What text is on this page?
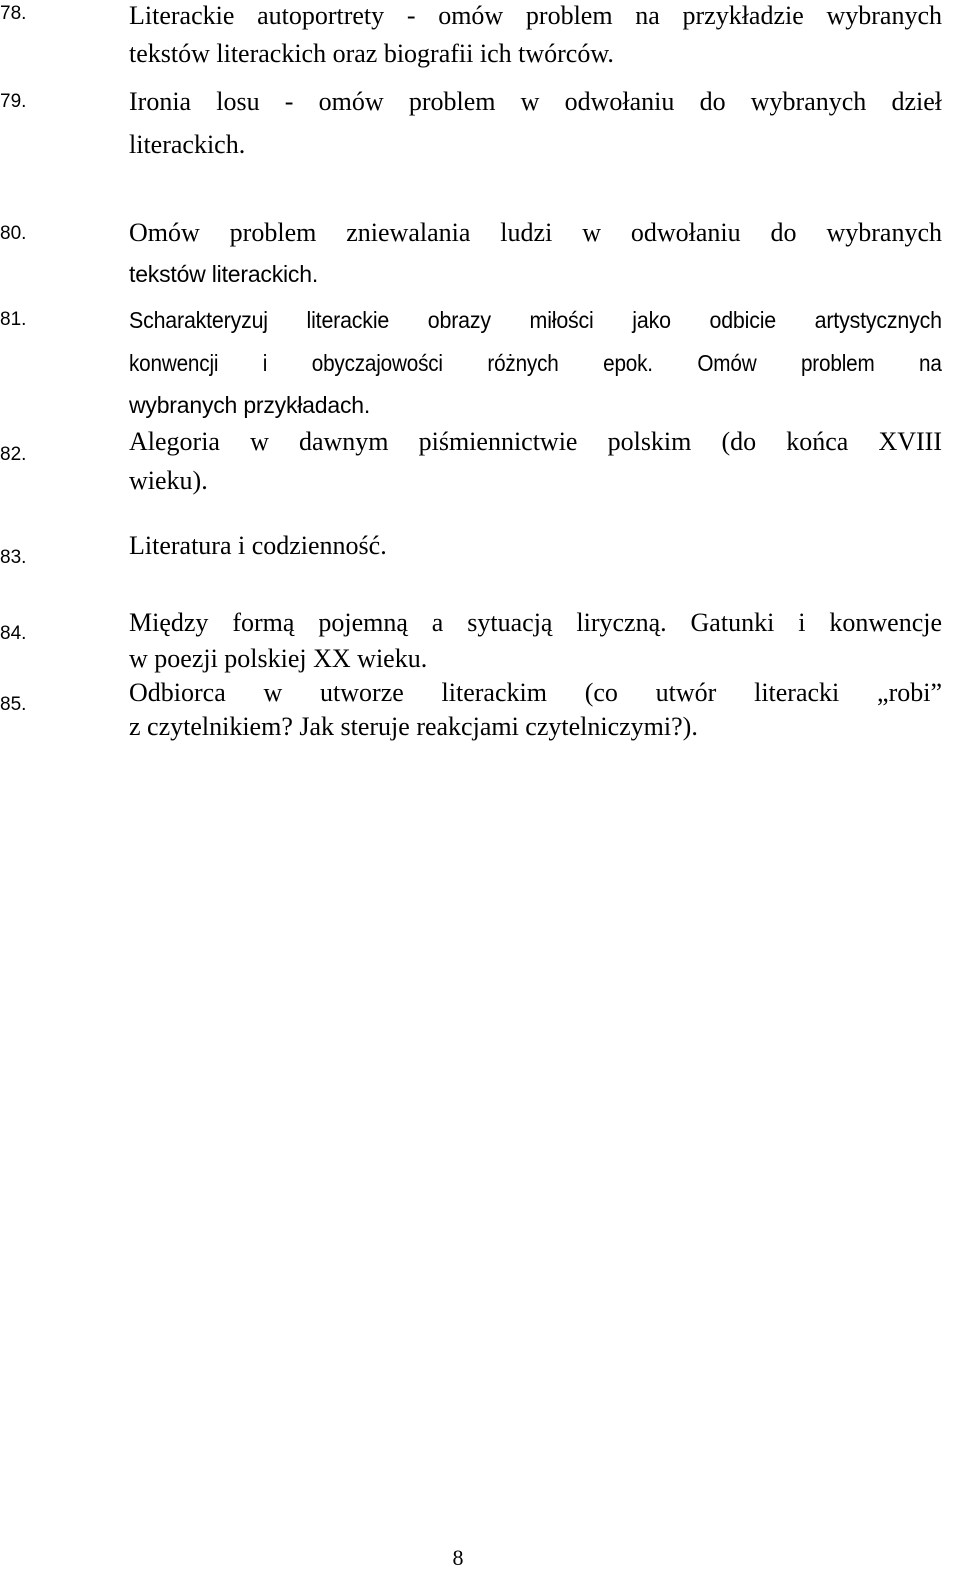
78.	Literackie autoportrety - omów problem na przykładzie wybranych
tekstów literackich oraz biografii ich twórców.
79.	Ironia losu - omów problem w odwołaniu do wybranych dzieł
literackich.
80.	Omów problem zniewalania ludzi w odwołaniu do wybranych
tekstów literackich.
81.	Scharakteryzuj literackie obrazy miłości jako odbicie artystycznych
konwencji i obyczajowości różnych epok. Omów problem na
wybranych przykładach.
82.	Alegoria w dawnym piśmiennictwie polskim (do końca XVIII
wieku).
83.	Literatura i codzienność.
84.	Między formą pojemną a sytuacją liryczną. Gatunki i konwencje
w poezji polskiej XX wieku.
85.	Odbiorca w utworze literackim (co utwór literacki „robi”
z czytelnikiem? Jak steruje reakcjami czytelniczymi?).
8
